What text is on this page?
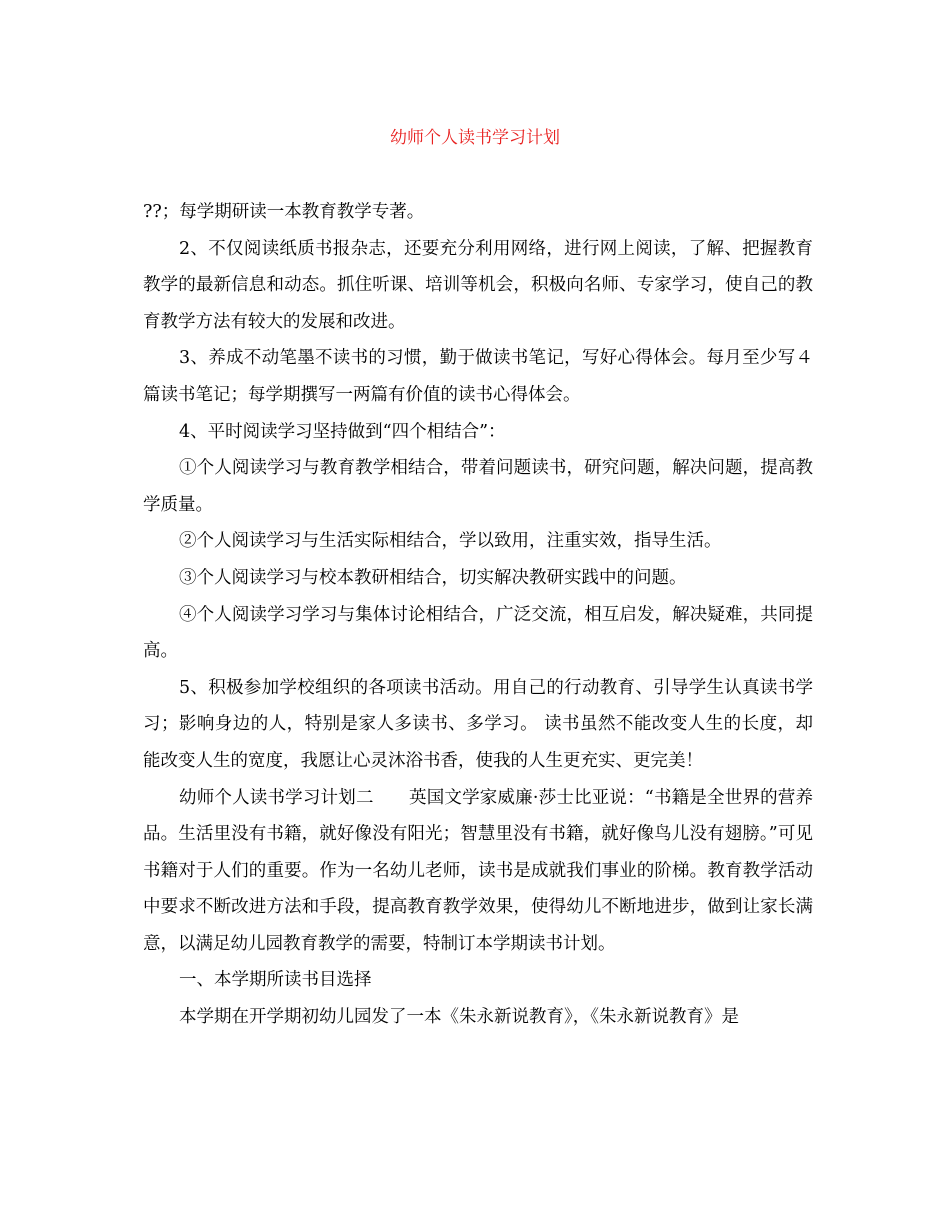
幼师个人读书学习计划

??；每学期研读一本教育教学专著。

2、不仅阅读纸质书报杂志，还要充分利用网络，进行网上阅读，了解、把握教育教学的最新信息和动态。抓住听课、培训等机会，积极向名师、专家学习，使自己的教育教学方法有较大的发展和改进。

3、养成不动笔墨不读书的习惯，勤于做读书笔记，写好心得体会。每月至少写４篇读书笔记；每学期撰写一两篇有价值的读书心得体会。

4、平时阅读学习坚持做到“四个相结合”：

①个人阅读学习与教育教学相结合，带着问题读书，研究问题，解决问题，提高教学质量。

②个人阅读学习与生活实际相结合，学以致用，注重实效，指导生活。

③个人阅读学习与校本教研相结合，切实解决教研实践中的问题。

④个人阅读学习学习与集体讨论相结合，广泛交流，相互启发，解决疑难，共同提高。

5、积极参加学校组织的各项读书活动。用自己的行动教育、引导学生认真读书学习；影响身边的人，特别是家人多读书、多学习。 读书虽然不能改变人生的长度，却能改变人生的宽度，我愿让心灵沐浴书香，使我的人生更充实、更完美！

幼师个人读书学习计划二　　英国文学家威廉·莎士比亚说：“书籍是全世界的营养品。生活里没有书籍，就好像没有阳光；智慧里没有书籍，就好像鸟儿没有翅膀。”可见书籍对于人们的重要。作为一名幼儿老师，读书是成就我们事业的阶梯。教育教学活动中要求不断改进方法和手段，提高教育教学效果，使得幼儿不断地进步，做到让家长满意，以满足幼儿园教育教学的需要，特制订本学期读书计划。

一、本学期所读书目选择

本学期在开学期初幼儿园发了一本《朱永新说教育》，《朱永新说教育》是
